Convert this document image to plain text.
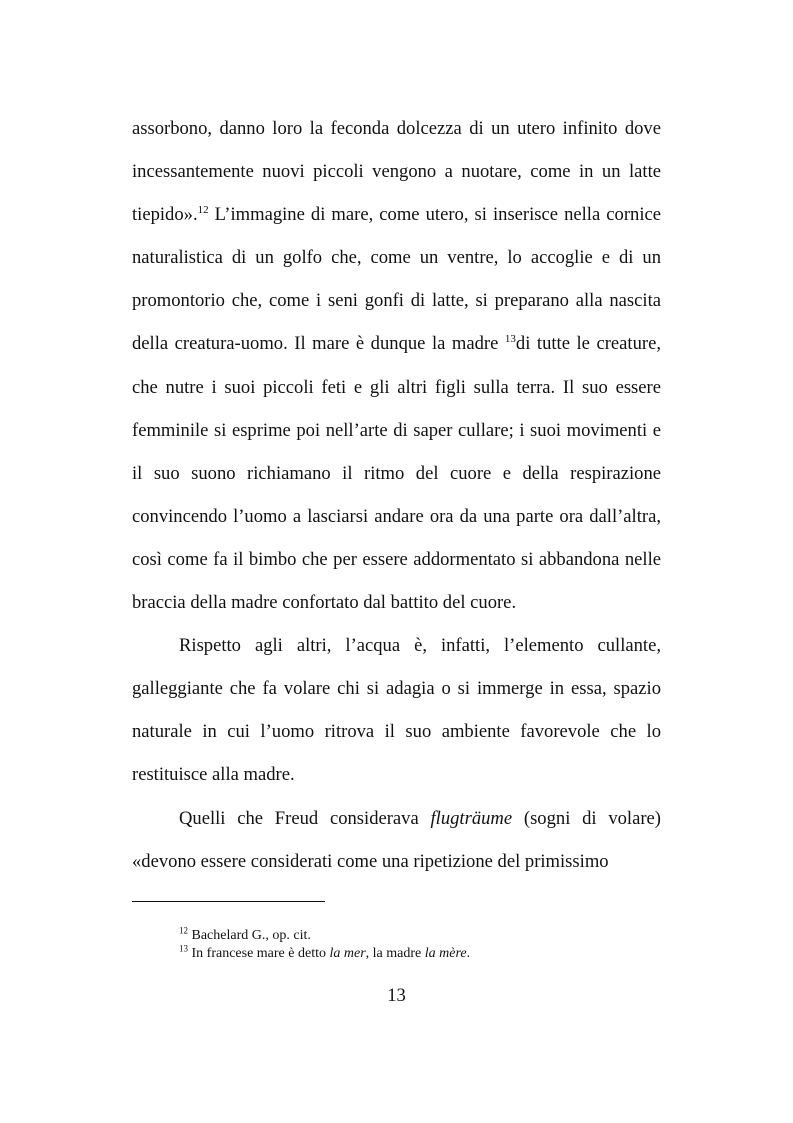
assorbono, danno loro la feconda dolcezza di un utero infinito dove incessantemente nuovi piccoli vengono a nuotare, come in un latte tiepido».$^{12}$ L’immagine di mare, come utero, si inserisce nella cornice naturalistica di un golfo che, come un ventre, lo accoglie e di un promontorio che, come i seni gonfi di latte, si preparano alla nascita della creatura-uomo. Il mare è dunque la madre $^{13}$di tutte le creature, che nutre i suoi piccoli feti e gli altri figli sulla terra. Il suo essere femminile si esprime poi nell’arte di saper cullare; i suoi movimenti e il suo suono richiamano il ritmo del cuore e della respirazione convincendo l’uomo a lasciarsi andare ora da una parte ora dall’altra, così come fa il bimbo che per essere addormentato si abbandona nelle braccia della madre confortato dal battito del cuore.

Rispetto agli altri, l’acqua è, infatti, l’elemento cullante, galleggiante che fa volare chi si adagia o si immerge in essa, spazio naturale in cui l’uomo ritrova il suo ambiente favorevole che lo restituisce alla madre.

Quelli che Freud considerava flugträume (sogni di volare) «devono essere considerati come una ripetizione del primissimo

$^{12}$ Bachelard G., op. cit.

$^{13}$ In francese mare è detto la mer, la madre la mère.

13
